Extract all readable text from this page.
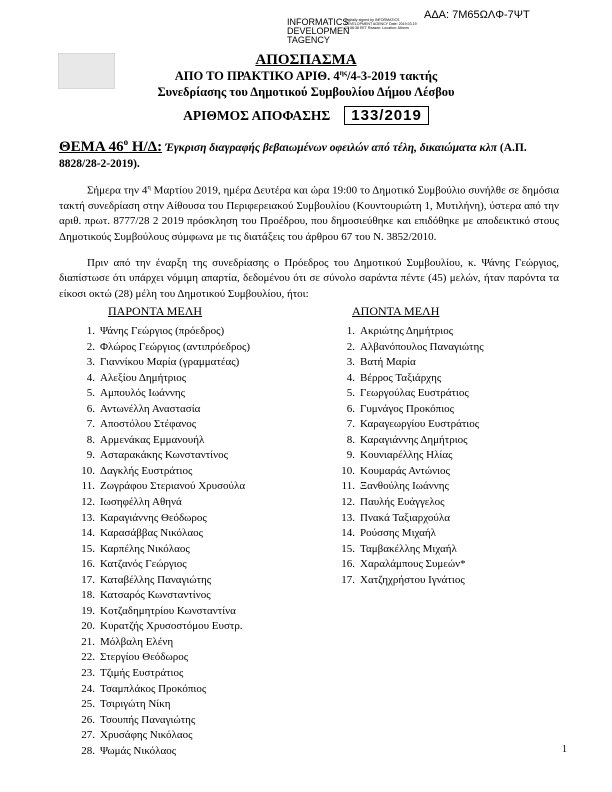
ΑΔΑ: 7Μ65ΩΛΦ-7ΨΤ
INFORMATICS DEVELOPMEN TAGENCY
Digitally signed by INFORMATICS DEVELOPMENT AGENCY Date: 2019.03.19 15:56:38 EET Reason: Location: Athens
ΑΠΟΣΠΑΣΜΑ
ΑΠΟ ΤΟ ΠΡΑΚΤΙΚΟ ΑΡΙΘ. $4^{\eta\varsigma}/4-3-2019$ τακτής
Συνεδρίασης του Δημοτικού Συμβουλίου Δήμου Λέσβου
ΑΡΙΘΜΟΣ ΑΠΟΦΑΣΗΣ	133/2019
ΘΕΜΑ $46^o$ Η/Δ: Έγκριση διαγραφής βεβαιωμένων οφειλών από τέλη, δικαιώματα κλπ (Α.Π. 8828/28-2-2019).
Σήμερα την $4^\eta$ Μαρτίου 2019, ημέρα Δευτέρα και ώρα 19:00 το Δημοτικό Συμβούλιο συνήλθε σε δημόσια τακτή συνεδρίαση στην Αίθουσα του Περιφερειακού Συμβουλίου (Κουντουριώτη 1, Μυτιλήνη), ύστερα από την αριθ. πρωτ. 8777/28 2 2019 πρόσκληση του Προέδρου, που δημοσιεύθηκε και επιδόθηκε με αποδεικτικό στους Δημοτικούς Συμβούλους σύμφωνα με τις διατάξεις του άρθρου 67 του Ν. 3852/2010.
Πριν από την έναρξη της συνεδρίασης ο Πρόεδρος του Δημοτικού Συμβουλίου, κ. Ψάνης Γεώργιος, διαπίστωσε ότι υπάρχει νόμιμη απαρτία, δεδομένου ότι σε σύνολο σαράντα πέντε (45) μελών, ήταν παρόντα τα είκοσι οκτώ (28) μέλη του Δημοτικού Συμβουλίου, ήτοι:
ΠΑΡΟΝΤΑ ΜΕΛΗ	ΑΠΟΝΤΑ ΜΕΛΗ
1. Ψάνης Γεώργιος (πρόεδρος)
2. Φλώρος Γεώργιος (αντιπρόεδρος)
3. Γιαννίκου Μαρία (γραμματέας)
4. Αλεξίου Δημήτριος
5. Αμπουλός Ιωάννης
6. Αντωνέλλη Αναστασία
7. Αποστόλου Στέφανος
8. Αρμενάκας Εμμανουήλ
9. Ασταρακάκης Κωνσταντίνος
10. Δαγκλής Ευστράτιος
11. Ζωγράφου Στεριανού Χρυσούλα
12. Ιωσηφέλλη Αθηνά
13. Καραγιάννης Θεόδωρος
14. Καρασάββας Νικόλαος
15. Καρπέλης Νικόλαος
16. Κατζανός Γεώργιος
17. Καταβέλλης Παναγιώτης
18. Κατσαρός Κωνσταντίνος
19. Κοτζαδημητρίου Κωνσταντίνα
20. Κυρατζής Χρυσοστόμου Ευστρ.
21. Μόλβαλη Ελένη
22. Στεργίου Θεόδωρος
23. Τζιμής Ευστράτιος
24. Τσαμπλάκος Προκόπιος
25. Τσιριγώτη Νίκη
26. Τσουπής Παναγιώτης
27. Χρυσάφης Νικόλαος
28. Ψωμάς Νικόλαος
1. Ακριώτης Δημήτριος
2. Αλβανόπουλος Παναγιώτης
3. Βατή Μαρία
4. Βέρρος Ταξιάρχης
5. Γεωργούλας Ευστράτιος
6. Γυμνάγος Προκόπιος
7. Καραγεωργίου Ευστράτιος
8. Καραγιάννης Δημήτριος
9. Κουνιαρέλλης Ηλίας
10. Κουμαράς Αντώνιος
11. Ξανθούλης Ιωάννης
12. Παυλής Ευάγγελος
13. Πνακά Ταξιαρχούλα
14. Ρούσσης Μιχαήλ
15. Ταμβακέλλης Μιχαήλ
16. Χαραλάμπους Συμεών*
17. Χατζηχρήστου Ιγνάτιος
1
